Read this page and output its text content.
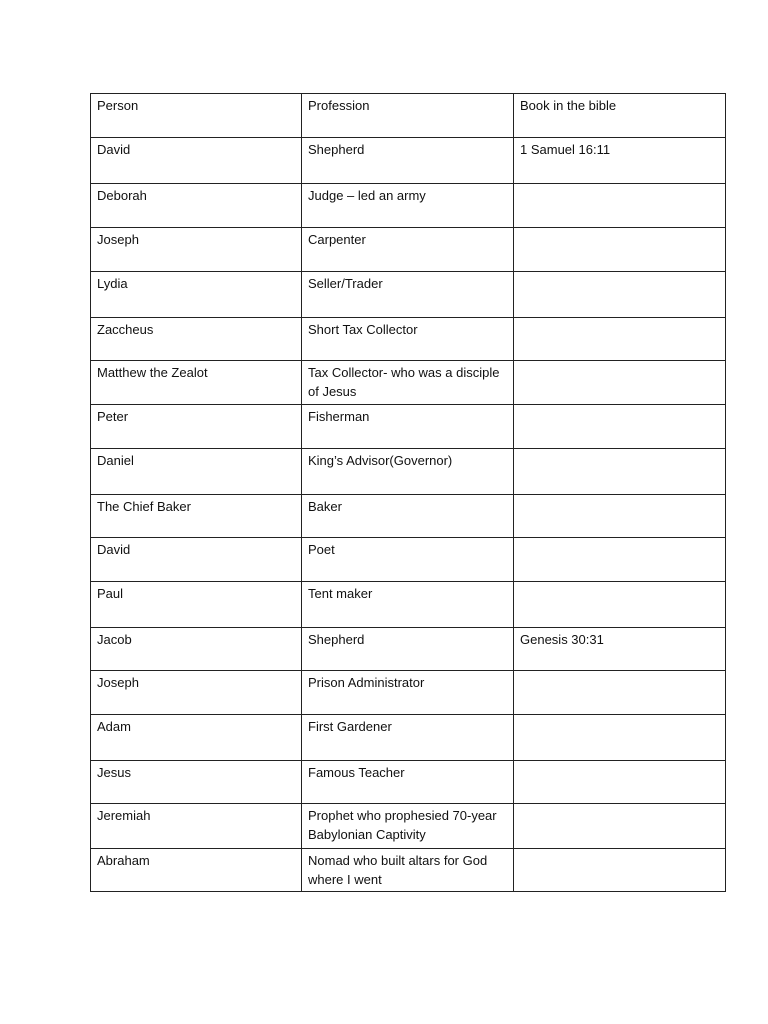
Person	Profession	Book in the bible
David	Shepherd	1 Samuel 16:11
Deborah	Judge – led an army	
Joseph	Carpenter	
Lydia	Seller/Trader	
Zaccheus	Short Tax Collector	
Matthew the Zealot	Tax Collector- who was a disciple of Jesus	
Peter	Fisherman	
Daniel	King’s Advisor(Governor)	
The Chief Baker	Baker	
David	Poet	
Paul	Tent maker	
Jacob	Shepherd	Genesis 30:31
Joseph	Prison Administrator	
Adam	First Gardener	
Jesus	Famous Teacher	
Jeremiah	Prophet who prophesied 70-year Babylonian Captivity	
Abraham	Nomad who built altars for God where I went	
